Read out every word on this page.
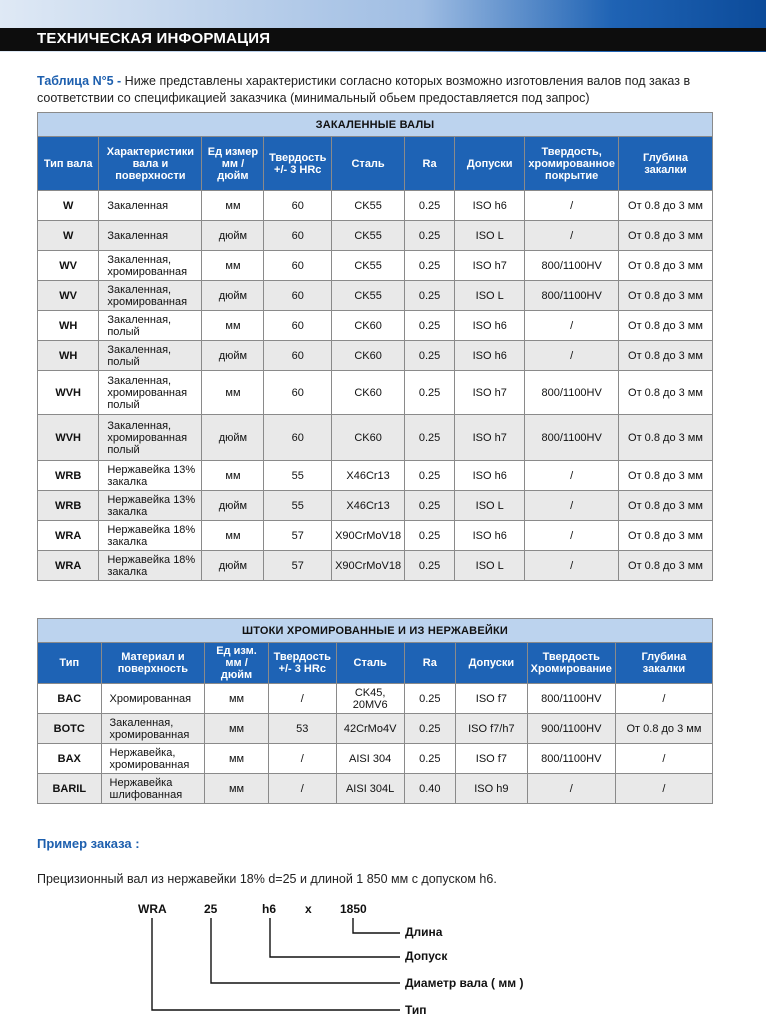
ТЕХНИЧЕСКАЯ ИНФОРМАЦИЯ
Таблица N°5 - Ниже представлены характеристики согласно которых возможно изготовления валов под заказ в соответствии со спецификацией заказчика (минимальный обьем предоставляется под запрос)
ЗАКАЛЕННЫЕ ВАЛЫ								
Тип вала	Характеристики вала и поверхности	Ед измер мм / дюйм	Твердость +/- 3 HRc	Сталь	Ra	Допуски	Твердость, хромированное покрытие	Глубина закалки
W	Закаленная	мм	60	CK55	0.25	ISO h6	/	От 0.8 до 3 мм
W	Закаленная	дюйм	60	CK55	0.25	ISO L	/	От 0.8 до 3 мм
WV	Закаленная, хромированная	мм	60	CK55	0.25	ISO h7	800/1100HV	От 0.8 до 3 мм
WV	Закаленная, хромированная	дюйм	60	CK55	0.25	ISO L	800/1100HV	От 0.8 до 3 мм
WH	Закаленная, полый	мм	60	CK60	0.25	ISO h6	/	От 0.8 до 3 мм
WH	Закаленная, полый	дюйм	60	CK60	0.25	ISO h6	/	От 0.8 до 3 мм
WVH	Закаленная, хромированная полый	мм	60	CK60	0.25	ISO h7	800/1100HV	От 0.8 до 3 мм
WVH	Закаленная, хромированная полый	дюйм	60	CK60	0.25	ISO h7	800/1100HV	От 0.8 до 3 мм
WRB	Нержавейка 13% закалка	мм	55	X46Cr13	0.25	ISO h6	/	От 0.8 до 3 мм
WRB	Нержавейка 13% закалка	дюйм	55	X46Cr13	0.25	ISO L	/	От 0.8 до 3 мм
WRA	Нержавейка 18% закалка	мм	57	X90CrMoV18	0.25	ISO h6	/	От 0.8 до 3 мм
WRA	Нержавейка 18% закалка	дюйм	57	X90CrMoV18	0.25	ISO L	/	От 0.8 до 3 мм
ШТОКИ ХРОМИРОВАННЫЕ И ИЗ НЕРЖАВЕЙКИ								
Тип	Материал и поверхность	Ед изм. мм / дюйм	Твердость +/- 3 HRc	Сталь	Ra	Допуски	Твердость Хромирование	Глубина закалки
BAC	Хромированная	мм	/	CK45, 20MV6	0.25	ISO f7	800/1100HV	/
BOTC	Закаленная, хромированная	мм	53	42CrMo4V	0.25	ISO f7/h7	900/1100HV	От 0.8 до 3 мм
BAX	Нержавейка, хромированная	мм	/	AISI 304	0.25	ISO f7	800/1100HV	/
BARIL	Нержавейка шлифованная	мм	/	AISI 304L	0.40	ISO h9	/	/
Пример заказа :
Прецизионный вал из нержавейки 18% d=25 и длиной 1 850 мм с допуском h6.
WRA	25	h6 x 1850
Длина
Допуск
Диаметр вала ( мм )
Тип
